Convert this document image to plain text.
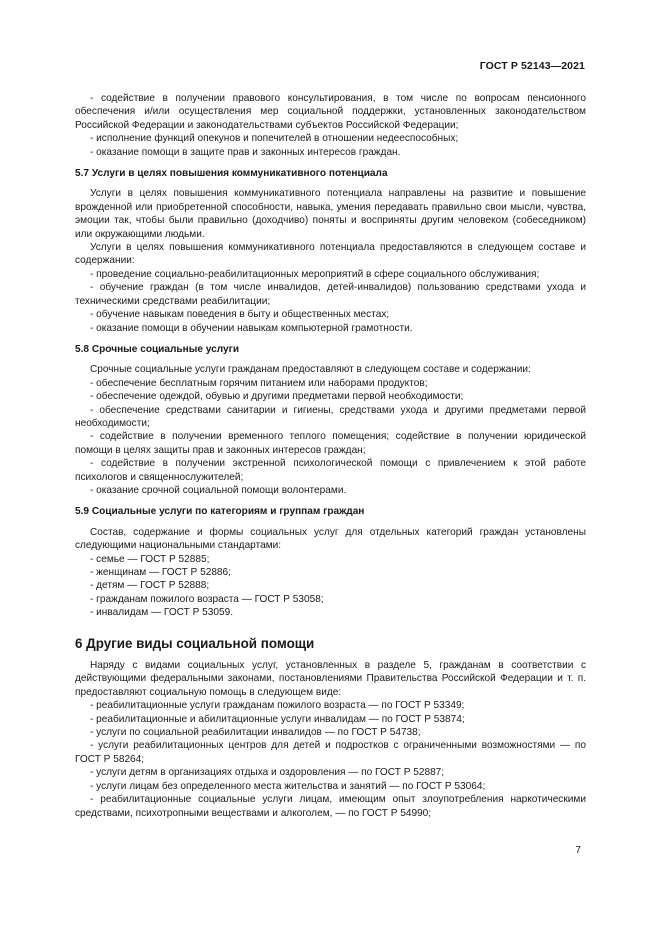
ГОСТ Р 52143—2021

- содействие в получении правового консультирования, в том числе по вопросам пенсионного обеспечения и/или осуществления мер социальной поддержки, установленных законодательством Российской Федерации и законодательствами субъектов Российской Федерации;

- исполнение функций опекунов и попечителей в отношении недееспособных;

- оказание помощи в защите прав и законных интересов граждан.

5.7 Услуги в целях повышения коммуникативного потенциала

Услуги в целях повышения коммуникативного потенциала направлены на развитие и повышение врожденной или приобретенной способности, навыка, умения передавать правильно свои мысли, чувства, эмоции так, чтобы были правильно (доходчиво) поняты и восприняты другим человеком (собеседником) или окружающими людьми.

Услуги в целях повышения коммуникативного потенциала предоставляются в следующем составе и содержании:

- проведение социально-реабилитационных мероприятий в сфере социального обслуживания;

- обучение граждан (в том числе инвалидов, детей-инвалидов) пользованию средствами ухода и техническими средствами реабилитации;

- обучение навыкам поведения в быту и общественных местах;

- оказание помощи в обучении навыкам компьютерной грамотности.

5.8 Срочные социальные услуги

Срочные социальные услуги гражданам предоставляют в следующем составе и содержании:

- обеспечение бесплатным горячим питанием или наборами продуктов;

- обеспечение одеждой, обувью и другими предметами первой необходимости;

- обеспечение средствами санитарии и гигиены, средствами ухода и другими предметами первой необходимости;

- содействие в получении временного теплого помещения; содействие в получении юридической помощи в целях защиты прав и законных интересов граждан;

- содействие в получении экстренной психологической помощи с привлечением к этой работе психологов и священнослужителей;

- оказание срочной социальной помощи волонтерами.

5.9 Социальные услуги по категориям и группам граждан

Состав, содержание и формы социальных услуг для отдельных категорий граждан установлены следующими национальными стандартами:

- семье — ГОСТ Р 52885;

- женщинам — ГОСТ Р 52886;

- детям — ГОСТ Р 52888;

- гражданам пожилого возраста — ГОСТ Р 53058;

- инвалидам — ГОСТ Р 53059.

6 Другие виды социальной помощи

Наряду с видами социальных услуг, установленных в разделе 5, гражданам в соответствии с действующими федеральными законами, постановлениями Правительства Российской Федерации и т. п. предоставляют социальную помощь в следующем виде:

- реабилитационные услуги гражданам пожилого возраста — по ГОСТ Р 53349;

- реабилитационные и абилитационные услуги инвалидам — по ГОСТ Р 53874;

- услуги по социальной реабилитации инвалидов — по ГОСТ Р 54738;

- услуги реабилитационных центров для детей и подростков с ограниченными возможностями — по ГОСТ Р 58264;

- услуги детям в организациях отдыха и оздоровления — по ГОСТ Р 52887;

- услуги лицам без определенного места жительства и занятий — по ГОСТ Р 53064;

- реабилитационные социальные услуги лицам, имеющим опыт злоупотребления наркотическими средствами, психотропными веществами и алкоголем, — по ГОСТ Р 54990;

7
